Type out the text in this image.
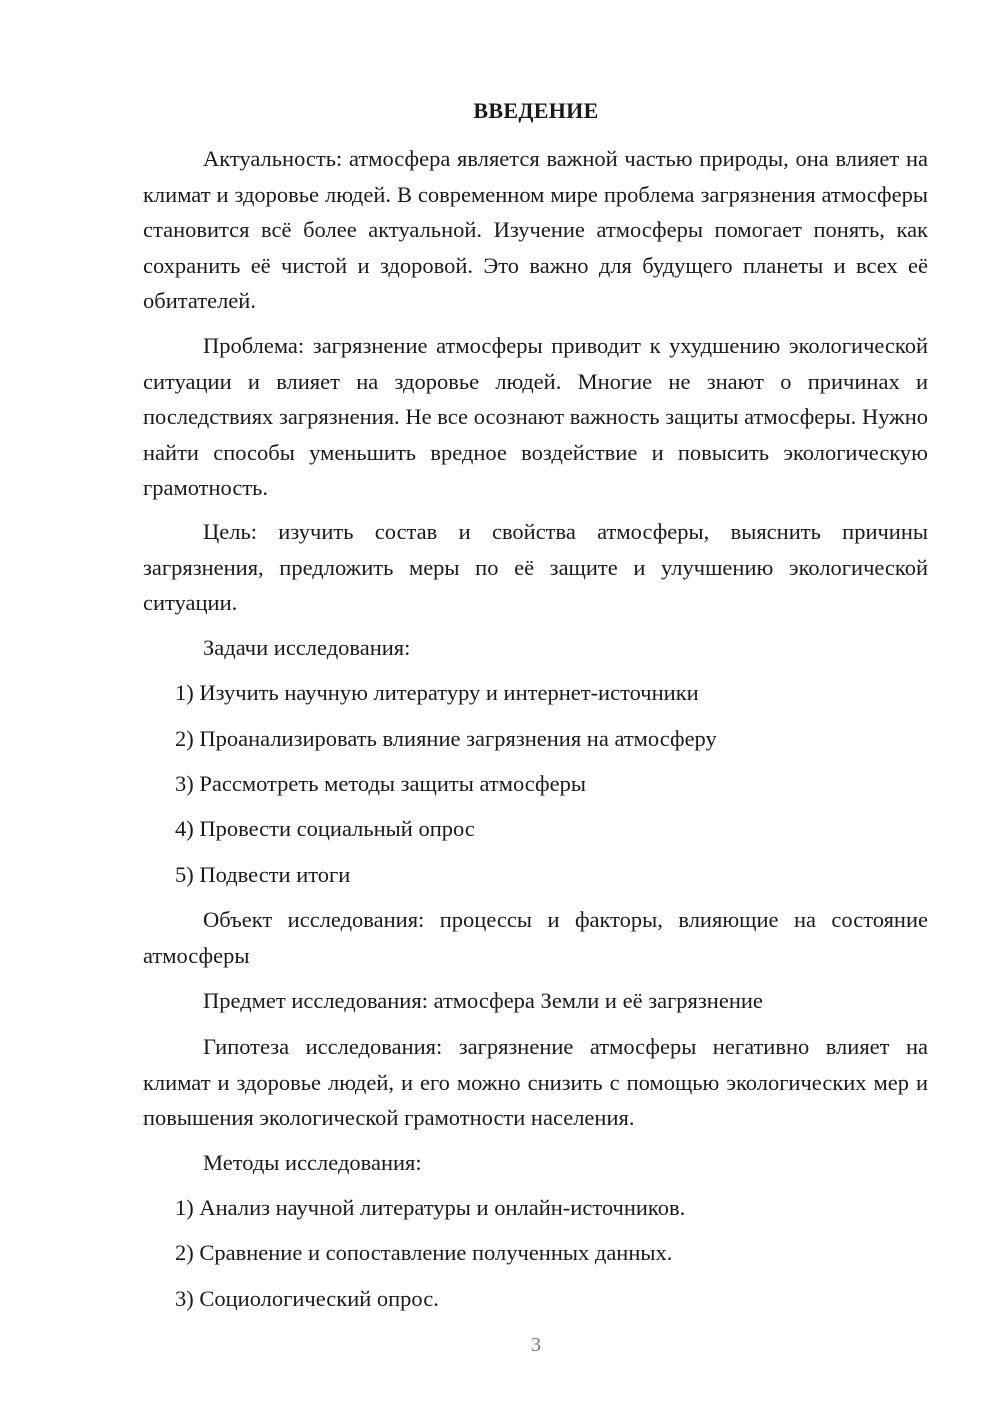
ВВЕДЕНИЕ

Актуальность: атмосфера является важной частью природы, она влияет на климат и здоровье людей. В современном мире проблема загрязнения атмосферы становится всё более актуальной. Изучение атмосферы помогает понять, как сохранить её чистой и здоровой. Это важно для будущего планеты и всех её обитателей.

Проблема: загрязнение атмосферы приводит к ухудшению экологической ситуации и влияет на здоровье людей. Многие не знают о причинах и последствиях загрязнения. Не все осознают важность защиты атмосферы. Нужно найти способы уменьшить вредное воздействие и повысить экологическую грамотность.

Цель: изучить состав и свойства атмосферы, выяснить причины загрязнения, предложить меры по её защите и улучшению экологической ситуации.

Задачи исследования:

1) Изучить научную литературу и интернет-источники

2) Проанализировать влияние загрязнения на атмосферу

3) Рассмотреть методы защиты атмосферы

4) Провести социальный опрос

5) Подвести итоги

Объект исследования: процессы и факторы, влияющие на состояние атмосферы

Предмет исследования: атмосфера Земли и её загрязнение

Гипотеза исследования: загрязнение атмосферы негативно влияет на климат и здоровье людей, и его можно снизить с помощью экологических мер и повышения экологической грамотности населения.

Методы исследования:

1) Анализ научной литературы и онлайн-источников.

2) Сравнение и сопоставление полученных данных.

3) Социологический опрос.

3
